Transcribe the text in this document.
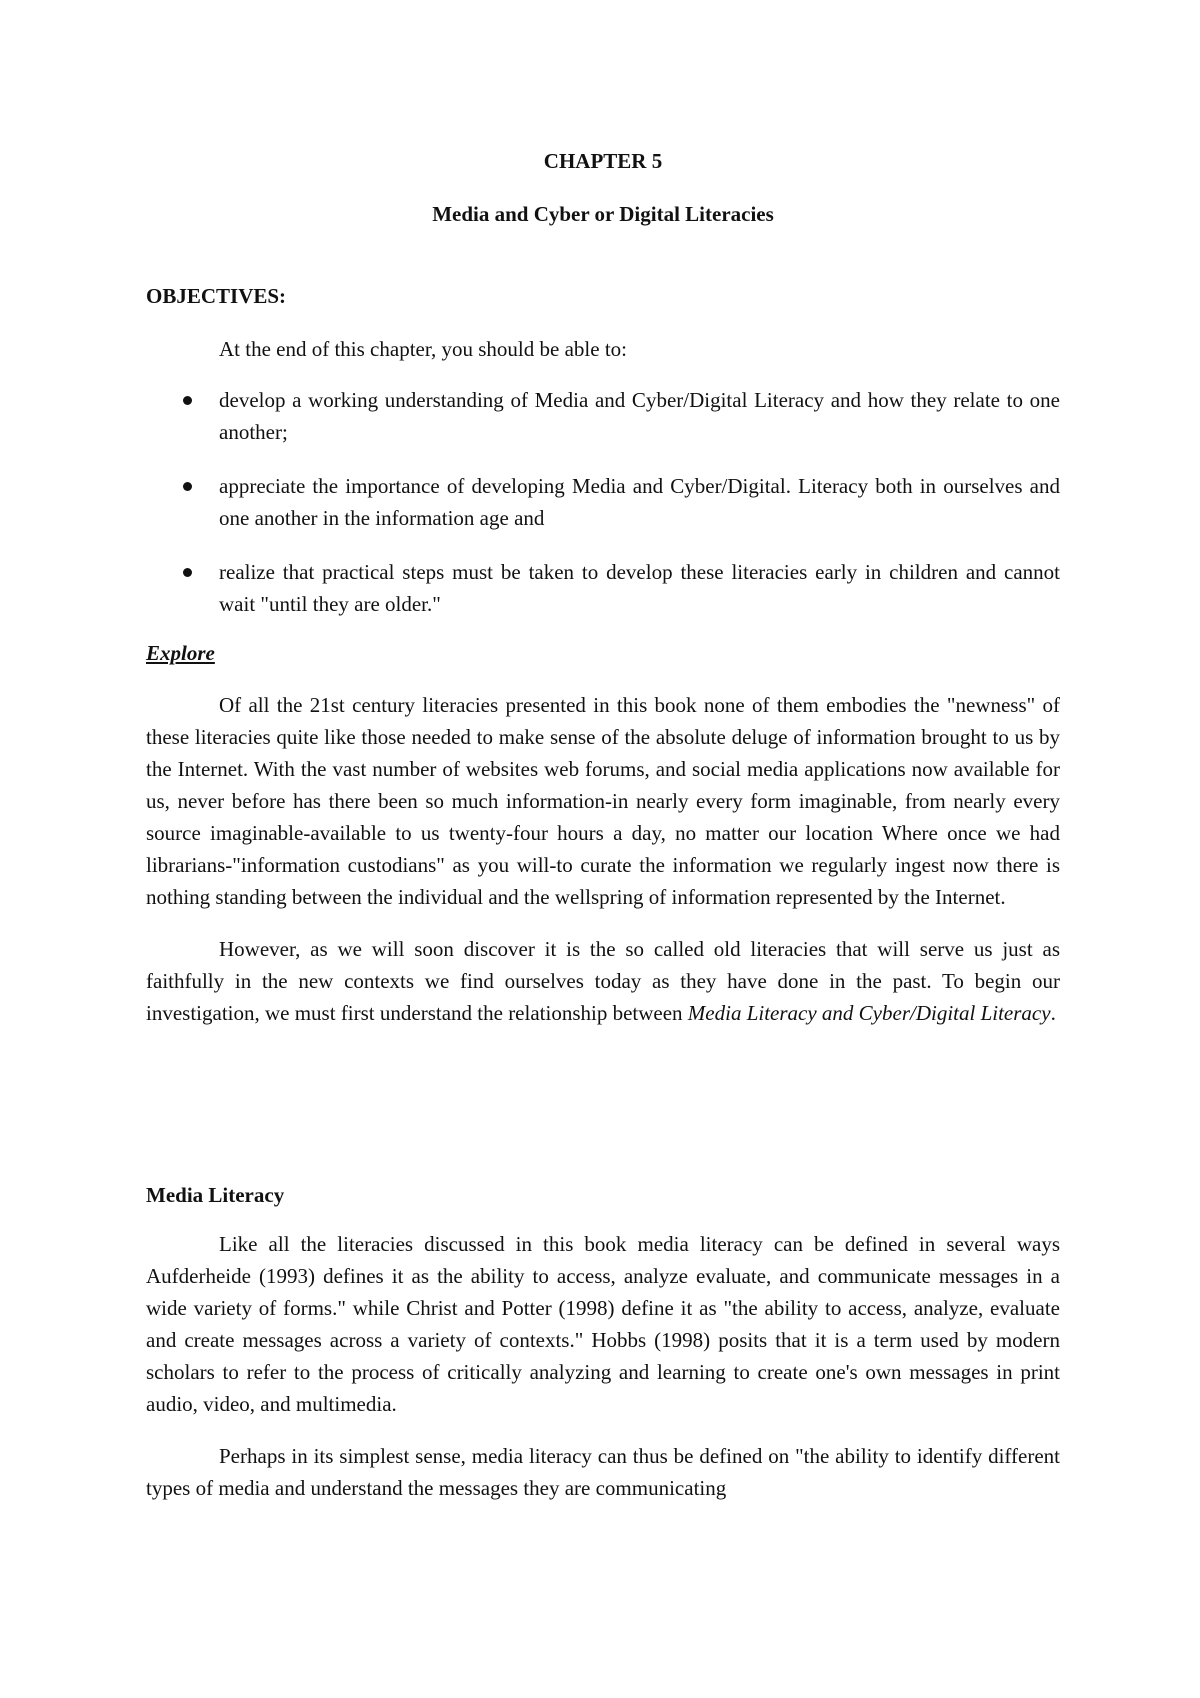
CHAPTER 5
Media and Cyber or Digital Literacies
OBJECTIVES:
At the end of this chapter, you should be able to:
develop a working understanding of Media and Cyber/Digital Literacy and how they relate to one another;
appreciate the importance of developing Media and Cyber/Digital. Literacy both in ourselves and one another in the information age and
realize that practical steps must be taken to develop these literacies early in children and cannot wait "until they are older."
Explore

Of all the 21st century literacies presented in this book none of them embodies the "newness" of these literacies quite like those needed to make sense of the absolute deluge of information brought to us by the Internet. With the vast number of websites web forums, and social media applications now available for us, never before has there been so much information-in nearly every form imaginable, from nearly every source imaginable-available to us twenty-four hours a day, no matter our location Where once we had librarians-"information custodians" as you will-to curate the information we regularly ingest now there is nothing standing between the individual and the wellspring of information represented by the Internet.

However, as we will soon discover it is the so called old literacies that will serve us just as faithfully in the new contexts we find ourselves today as they have done in the past. To begin our investigation, we must first understand the relationship between Media Literacy and Cyber/Digital Literacy.

Media Literacy

Like all the literacies discussed in this book media literacy can be defined in several ways Aufderheide (1993) defines it as the ability to access, analyze evaluate, and communicate messages in a wide variety of forms." while Christ and Potter (1998) define it as "the ability to access, analyze, evaluate and create messages across a variety of contexts." Hobbs (1998) posits that it is a term used by modern scholars to refer to the process of critically analyzing and learning to create one's own messages in print audio, video, and multimedia.

Perhaps in its simplest sense, media literacy can thus be defined on "the ability to identify different types of media and understand the messages they are communicating
